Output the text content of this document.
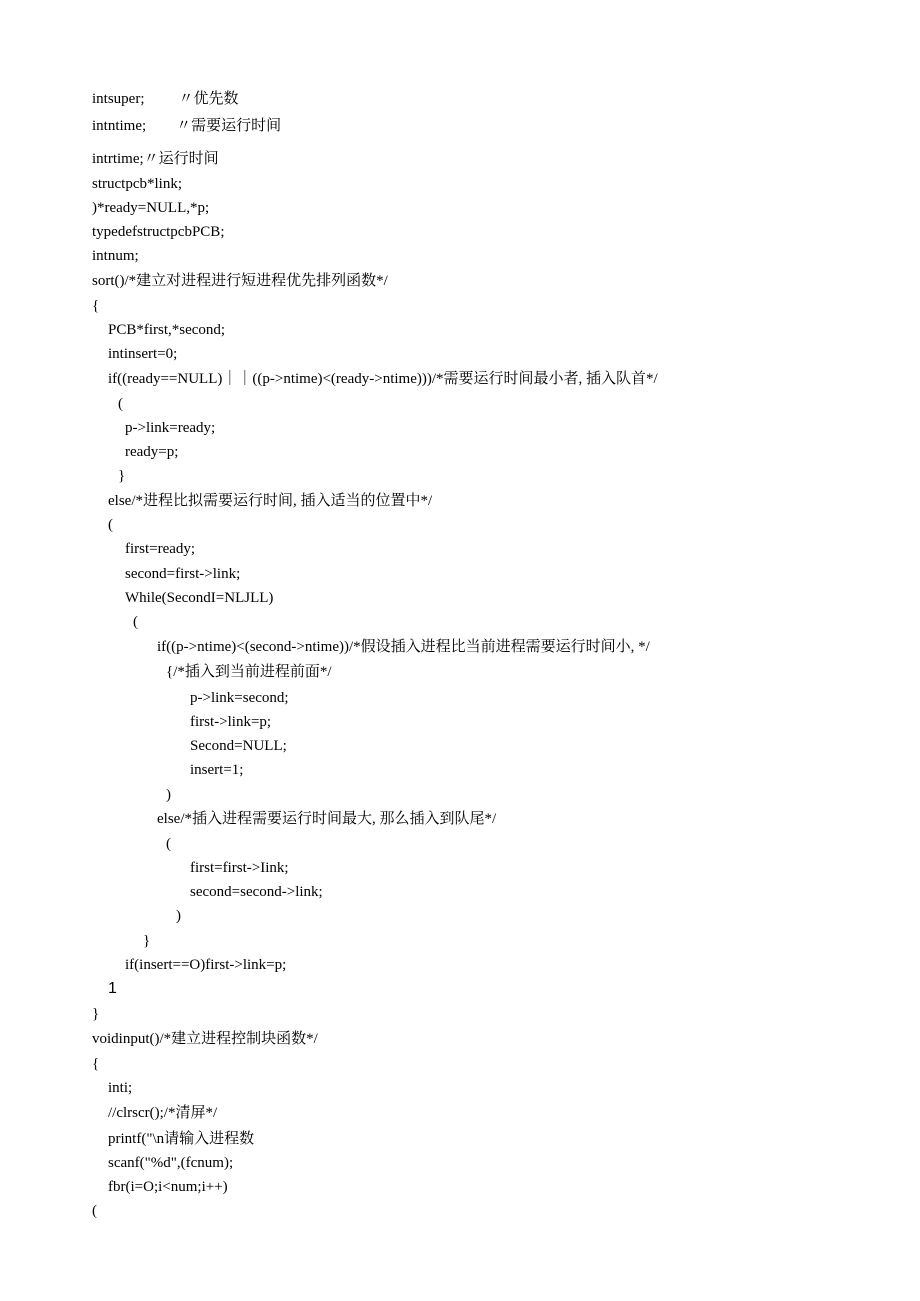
intsuper; 〃优先数
intntime; 〃需要运行时间
intrtime;〃运行时间
structpcb*link;
)*ready=NULL,*p;
typedefstructpcbPCB;
intnum;
sort()/*建立对进程进行短进程优先排列函数*/
{
PCB*first,*second;
intinsert=0;
if((ready==NULL)｜｜((p->ntime)<(ready->ntime)))/*需要运行时间最小者, 插入队首*/
(
p->link=ready;
ready=p;
}
else/*进程比拟需要运行时间, 插入适当的位置中*/
(
first=ready;
second=first->link;
While(SecondI=NLJLL)
(
if((p->ntime)<(second->ntime))/*假设插入进程比当前进程需要运行时间小, */
{/*插入到当前进程前面*/
p->link=second;
first->link=p;
Second=NULL;
insert=1;
)
else/*插入进程需要运行时间最大, 那么插入到队尾*/
(
first=first->Iink;
second=second->link;
)
}
if(insert==O)first->link=p;
1
}
voidinput()/*建立进程控制块函数*/
{
inti;
//clrscr();/*清屏*/
printf("\n请输入进程数
scanf("%d",(fcnum);
fbr(i=O;i<num;i++)
(
